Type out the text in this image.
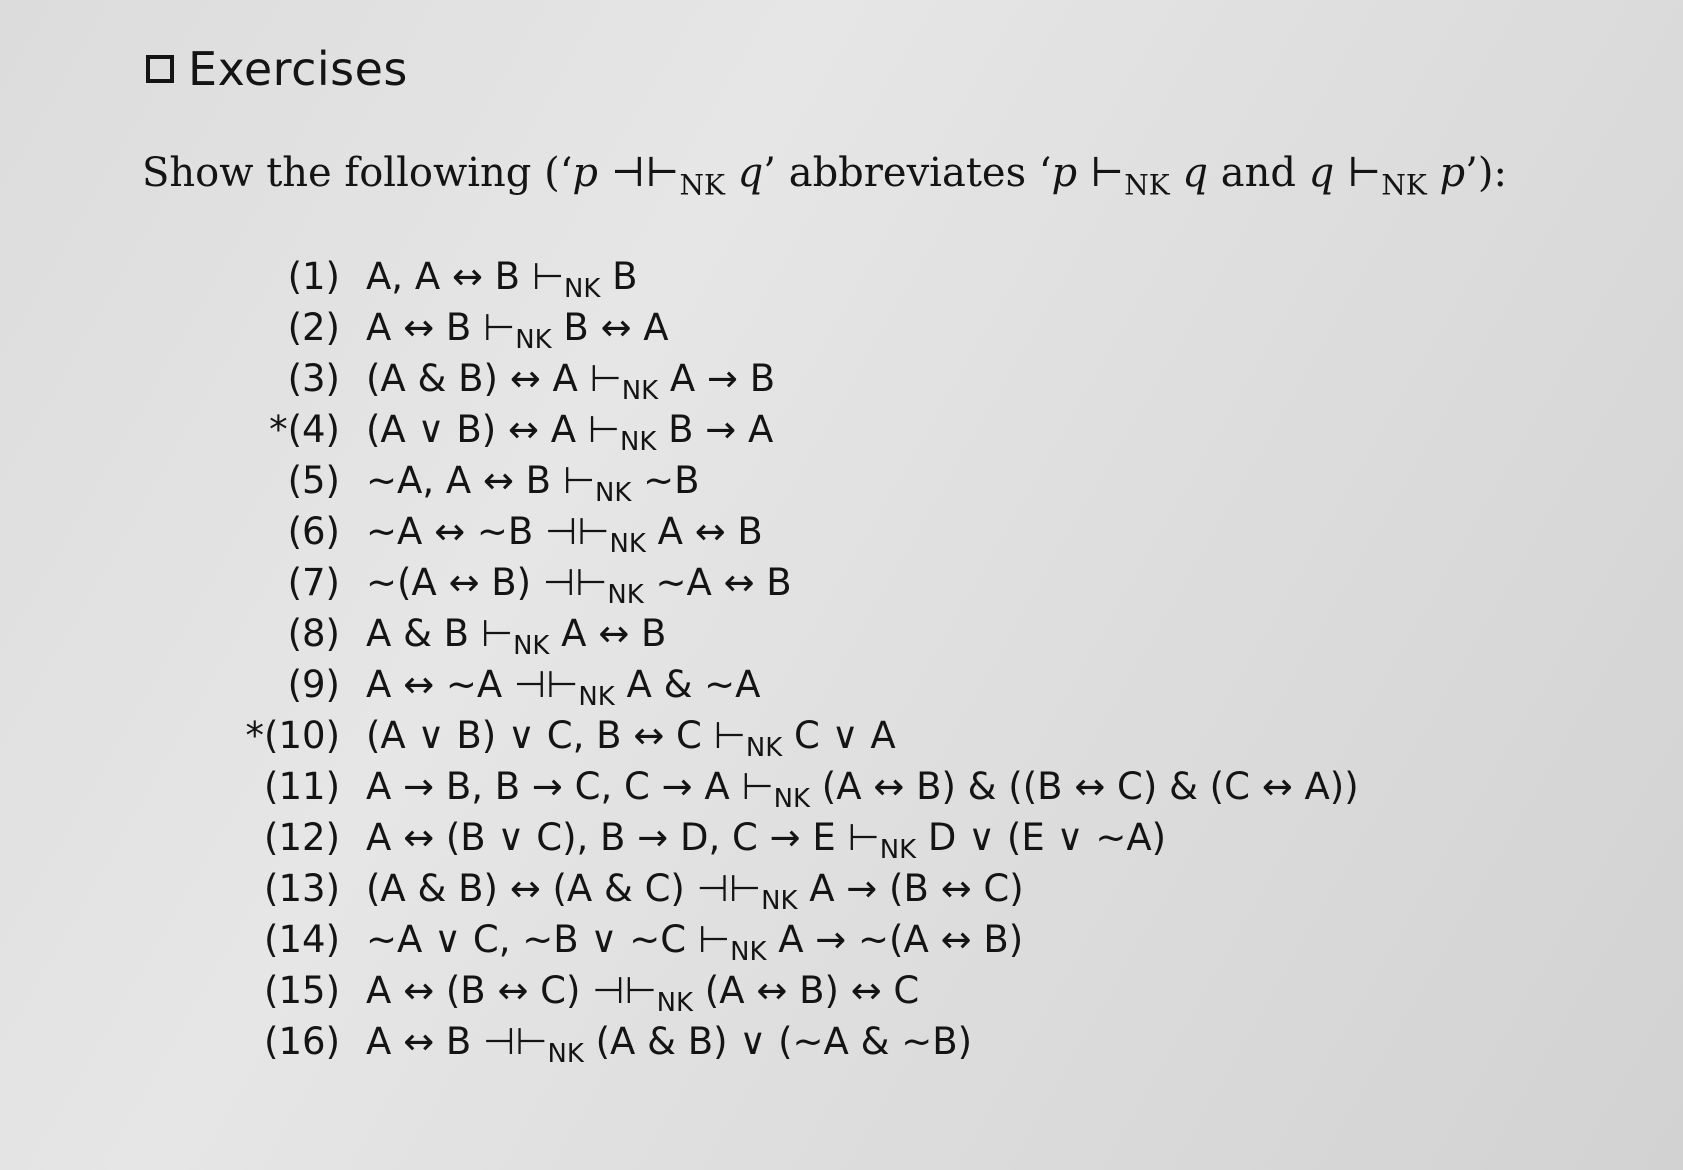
Exercises
Show the following (‘p $⊣⊢_{NK}$ q’ abbreviates ‘p $⊢_{NK}$ q and q $⊢_{NK}$ p’):
(1) A, A ↔ B $⊢_{NK}$ B
(2) A ↔ B $⊢_{NK}$ B ↔ A
(3) (A & B) ↔ A $⊢_{NK}$ A → B
*(4) (A ∨ B) ↔ A $⊢_{NK}$ B → A
(5) ~A, A ↔ B $⊢_{NK}$ ~B
(6) ~A ↔ ~B $⊣⊢_{NK}$ A ↔ B
(7) ~(A ↔ B) $⊣⊢_{NK}$ ~A ↔ B
(8) A & B $⊢_{NK}$ A ↔ B
(9) A ↔ ~A $⊣⊢_{NK}$ A & ~A
*(10) (A ∨ B) ∨ C, B ↔ C $⊢_{NK}$ C ∨ A
(11) A → B, B → C, C → A $⊢_{NK}$ (A ↔ B) & ((B ↔ C) & (C ↔ A))
(12) A ↔ (B ∨ C), B → D, C → E $⊢_{NK}$ D ∨ (E ∨ ~A)
(13) (A & B) ↔ (A & C) $⊣⊢_{NK}$ A → (B ↔ C)
(14) ~A ∨ C, ~B ∨ ~C $⊢_{NK}$ A → ~(A ↔ B)
(15) A ↔ (B ↔ C) $⊣⊢_{NK}$ (A ↔ B) ↔ C
(16) A ↔ B $⊣⊢_{NK}$ (A & B) ∨ (~A & ~B)
